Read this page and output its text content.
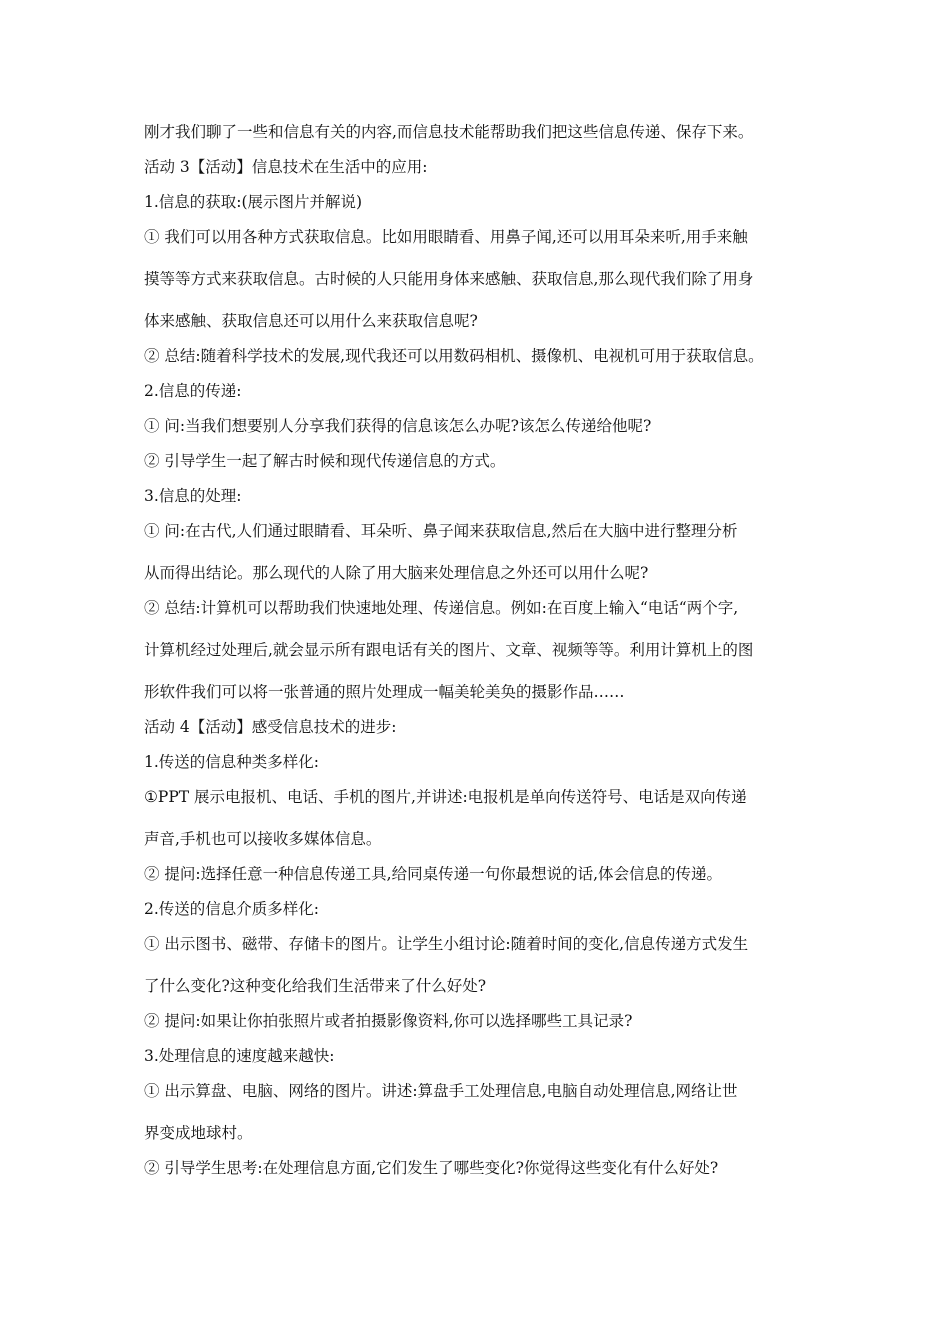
刚才我们聊了一些和信息有关的内容,而信息技术能帮助我们把这些信息传递、保存下来。

活动 3【活动】信息技术在生活中的应用:

1.信息的获取:(展示图片并解说)

① 我们可以用各种方式获取信息。比如用眼睛看、用鼻子闻,还可以用耳朵来听,用手来触

摸等等方式来获取信息。古时候的人只能用身体来感触、获取信息,那么现代我们除了用身

体来感触、获取信息还可以用什么来获取信息呢?

② 总结:随着科学技术的发展,现代我还可以用数码相机、摄像机、电视机可用于获取信息。

2.信息的传递:

① 问:当我们想要别人分享我们获得的信息该怎么办呢?该怎么传递给他呢?

② 引导学生一起了解古时候和现代传递信息的方式。

3.信息的处理:

① 问:在古代,人们通过眼睛看、耳朵听、鼻子闻来获取信息,然后在大脑中进行整理分析

从而得出结论。那么现代的人除了用大脑来处理信息之外还可以用什么呢?

② 总结:计算机可以帮助我们快速地处理、传递信息。例如:在百度上输入“电话“两个字,

计算机经过处理后,就会显示所有跟电话有关的图片、文章、视频等等。利用计算机上的图

形软件我们可以将一张普通的照片处理成一幅美轮美奂的摄影作品……

活动 4【活动】感受信息技术的进步:

1.传送的信息种类多样化:

①PPT 展示电报机、电话、手机的图片,并讲述:电报机是单向传送符号、电话是双向传递

声音,手机也可以接收多媒体信息。

② 提问:选择任意一种信息传递工具,给同桌传递一句你最想说的话,体会信息的传递。

2.传送的信息介质多样化:

① 出示图书、磁带、存储卡的图片。让学生小组讨论:随着时间的变化,信息传递方式发生

了什么变化?这种变化给我们生活带来了什么好处?

② 提问:如果让你拍张照片或者拍摄影像资料,你可以选择哪些工具记录?

3.处理信息的速度越来越快:

① 出示算盘、电脑、网络的图片。讲述:算盘手工处理信息,电脑自动处理信息,网络让世

界变成地球村。

② 引导学生思考:在处理信息方面,它们发生了哪些变化?你觉得这些变化有什么好处?
